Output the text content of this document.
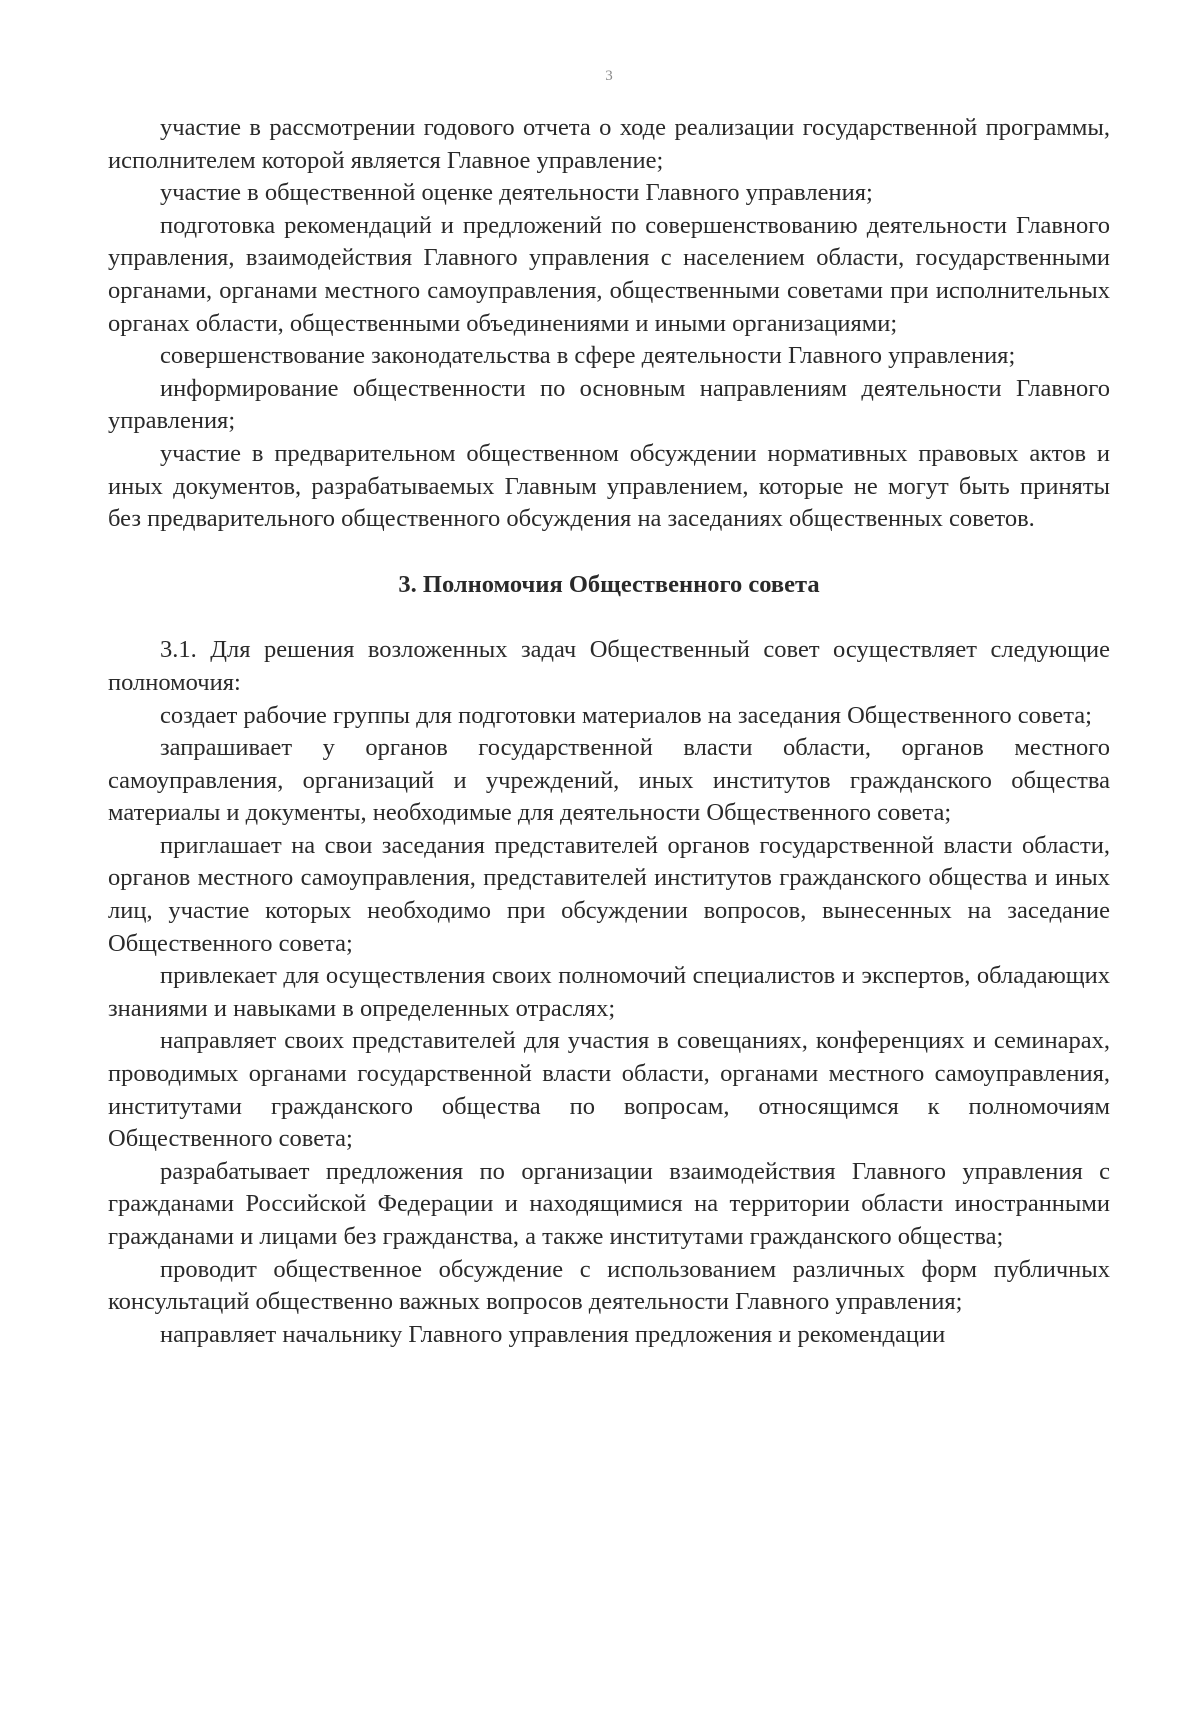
3

участие в рассмотрении годового отчета о ходе реализации государственной программы, исполнителем которой является Главное управление;

участие в общественной оценке деятельности Главного управления;

подготовка рекомендаций и предложений по совершенствованию деятельности Главного управления, взаимодействия Главного управления с населением области, государственными органами, органами местного самоуправления, общественными советами при исполнительных органах области, общественными объединениями и иными организациями;

совершенствование законодательства в сфере деятельности Главного управления;

информирование общественности по основным направлениям деятельности Главного управления;

участие в предварительном общественном обсуждении нормативных правовых актов и иных документов, разрабатываемых Главным управлением, которые не могут быть приняты без предварительного общественного обсуждения на заседаниях общественных советов.

3. Полномочия Общественного совета

3.1. Для решения возложенных задач Общественный совет осуществляет следующие полномочия:

создает рабочие группы для подготовки материалов на заседания Общественного совета;

запрашивает у органов государственной власти области, органов местного самоуправления, организаций и учреждений, иных институтов гражданского общества материалы и документы, необходимые для деятельности Общественного совета;

приглашает на свои заседания представителей органов государственной власти области, органов местного самоуправления, представителей институтов гражданского общества и иных лиц, участие которых необходимо при обсуждении вопросов, вынесенных на заседание Общественного совета;

привлекает для осуществления своих полномочий специалистов и экспертов, обладающих знаниями и навыками в определенных отраслях;

направляет своих представителей для участия в совещаниях, конференциях и семинарах, проводимых органами государственной власти области, органами местного самоуправления, институтами гражданского общества по вопросам, относящимся к полномочиям Общественного совета;

разрабатывает предложения по организации взаимодействия Главного управления с гражданами Российской Федерации и находящимися на территории области иностранными гражданами и лицами без гражданства, а также институтами гражданского общества;

проводит общественное обсуждение с использованием различных форм публичных консультаций общественно важных вопросов деятельности Главного управления;

направляет начальнику Главного управления предложения и рекомендации
